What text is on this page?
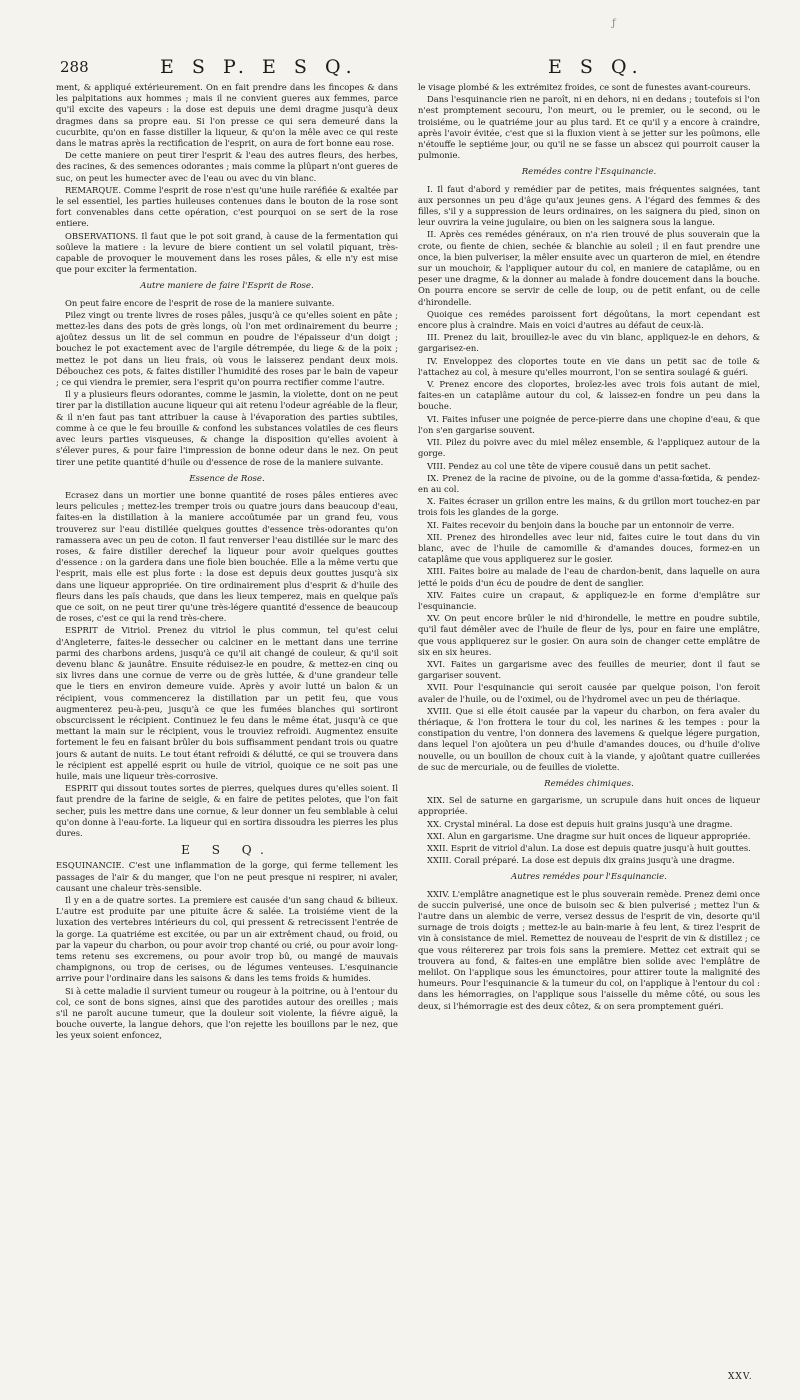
ƒ
288	E S P. E S Q.	E S Q.

ment, & appliqué extérieurement. On en fait prendre dans les fincopes & dans les palpitations aux hommes ; mais il ne convient gueres aux femmes, parce qu'il excite des vapeurs : la dose est depuis une demi dragme jusqu'à deux dragmes dans sa propre eau. Si l'on presse ce qui sera demeuré dans la cucurbite, qu'on en fasse distiller la liqueur, & qu'on la mêle avec ce qui reste dans le matras après la rectification de l'esprit, on aura de fort bonne eau rose.

De cette maniere on peut tirer l'esprit & l'eau des autres fleurs, des herbes, des racines, & des semences odorantes ; mais comme la plûpart n'ont gueres de suc, on peut les humecter avec de l'eau ou avec du vin blanc.

REMARQUE. Comme l'esprit de rose n'est qu'une huile raréfiée & exaltée par le sel essentiel, les parties huileuses contenues dans le bouton de la rose sont fort convenables dans cette opération, c'est pourquoi on se sert de la rose entiere.

OBSERVATIONS. Il faut que le pot soit grand, à cause de la fermentation qui soûleve la matiere : la levure de biere contient un sel volatil piquant, très-capable de provoquer le mouvement dans les roses pâles, & elle n'y est mise que pour exciter la fermentation.

Autre maniere de faire l'Esprit de Rose.

On peut faire encore de l'esprit de rose de la maniere suivante.

Pilez vingt ou trente livres de roses pâles, jusqu'à ce qu'elles soient en pâte ; mettez-les dans des pots de grès longs, où l'on met ordinairement du beurre ; ajoûtez dessus un lit de sel commun en poudre de l'épaisseur d'un doigt ; bouchez le pot exactement avec de l'argile détrempée, du liege & de la poix ; mettez le pot dans un lieu frais, où vous le laisserez pendant deux mois. Débouchez ces pots, & faites distiller l'humidité des roses par le bain de vapeur ; ce qui viendra le premier, sera l'esprit qu'on pourra rectifier comme l'autre.

Il y a plusieurs fleurs odorantes, comme le jasmin, la violette, dont on ne peut tirer par la distillation aucune liqueur qui ait retenu l'odeur agréable de la fleur, & il n'en faut pas tant attribuer la cause à l'évaporation des parties subtiles, comme à ce que le feu brouille & confond les substances volatiles de ces fleurs avec leurs parties visqueuses, & change la disposition qu'elles avoient à s'élever pures, & pour faire l'impression de bonne odeur dans le nez. On peut tirer une petite quantité d'huile ou d'essence de rose de la maniere suivante.

Essence de Rose.

Ecrasez dans un mortier une bonne quantité de roses pâles entieres avec leurs pelicules ; mettez-les tremper trois ou quatre jours dans beaucoup d'eau, faites-en la distillation à la maniere accoûtumée par un grand feu, vous trouverez sur l'eau distillée quelques gouttes d'essence très-odorantes qu'on ramassera avec un peu de coton. Il faut renverser l'eau distillée sur le marc des roses, & faire distiller derechef la liqueur pour avoir quelques gouttes d'essence : on la gardera dans une fiole bien bouchée. Elle a la même vertu que l'esprit, mais elle est plus forte : la dose est depuis deux gouttes jusqu'à six dans une liqueur appropriée. On tire ordinairement plus d'esprit & d'huile des fleurs dans les païs chauds, que dans les lieux temperez, mais en quelque païs que ce soit, on ne peut tirer qu'une très-légere quantité d'essence de beaucoup de roses, c'est ce qui la rend très-chere.

ESPRIT de Vitriol. Prenez du vitriol le plus commun, tel qu'est celui d'Angleterre, faites-le dessecher ou calciner en le mettant dans une terrine parmi des charbons ardens, jusqu'à ce qu'il ait changé de couleur, & qu'il soit devenu blanc & jaunâtre. Ensuite réduisez-le en poudre, & mettez-en cinq ou six livres dans une cornue de verre ou de grès luttée, & d'une grandeur telle que le tiers en environ demeure vuide. Après y avoir lutté un balon & un récipient, vous commencerez la distillation par un petit feu, que vous augmenterez peu-à-peu, jusqu'à ce que les fumées blanches qui sortiront obscurcissent le récipient. Continuez le feu dans le même état, jusqu'à ce que mettant la main sur le récipient, vous le trouviez refroidi. Augmentez ensuite fortement le feu en faisant brûler du bois suffisamment pendant trois ou quatre jours & autant de nuits. Le tout étant refroidi & délutté, ce qui se trouvera dans le récipient est appellé esprit ou huile de vitriol, quoique ce ne soit pas une huile, mais une liqueur très-corrosive.

ESPRIT qui dissout toutes sortes de pierres, quelques dures qu'elles soient. Il faut prendre de la farine de seigle, & en faire de petites pelotes, que l'on fait secher, puis les mettre dans une cornue, & leur donner un feu semblable à celui qu'on donne à l'eau-forte. La liqueur qui en sortira dissoudra les pierres les plus dures.

E S Q.

ESQUINANCIE. C'est une inflammation de la gorge, qui ferme tellement les passages de l'air & du manger, que l'on ne peut presque ni respirer, ni avaler, causant une chaleur très-sensible.

Il y en a de quatre sortes. La premiere est causée d'un sang chaud & bilieux. L'autre est produite par une pituite âcre & salée. La troisiéme vient de la luxation des vertebres intérieurs du col, qui pressent & retrecissent l'entrée de la gorge. La quatriéme est excitée, ou par un air extrêment chaud, ou froid, ou par la vapeur du charbon, ou pour avoir trop chanté ou crié, ou pour avoir long-tems retenu ses excremens, ou pour avoir trop bû, ou mangé de mauvais champignons, ou trop de cerises, ou de légumes venteuses. L'esquinancie arrive pour l'ordinaire dans les saisons & dans les tems froids & humides.

Si à cette maladie il survient tumeur ou rougeur à la poitrine, ou à l'entour du col, ce sont de bons signes, ainsi que des parotides autour des oreilles ; mais s'il ne paroît aucune tumeur, que la douleur soit violente, la fiévre aiguë, la bouche ouverte, la langue dehors, que l'on rejette les bouillons par le nez, que les yeux soient enfoncez,

le visage plombé & les extrémitez froides, ce sont de funestes avant-coureurs.

Dans l'esquinancie rien ne paroît, ni en dehors, ni en dedans ; toutefois si l'on n'est promptement secouru, l'on meurt, ou le premier, ou le second, ou le troisiéme, ou le quatriéme jour au plus tard. Et ce qu'il y a encore à craindre, après l'avoir évitée, c'est que si la fluxion vient à se jetter sur les poûmons, elle n'étouffe le septiéme jour, ou qu'il ne se fasse un abscez qui pourroit causer la pulmonie.

Remédes contre l'Esquinancie.

I. Il faut d'abord y remédier par de petites, mais fréquentes saignées, tant aux personnes un peu d'âge qu'aux jeunes gens. A l'égard des femmes & des filles, s'il y a suppression de leurs ordinaires, on les saignera du pied, sinon on leur ouvrira la veine jugulaire, ou bien on les saignera sous la langue.

II. Après ces remédes généraux, on n'a rien trouvé de plus souverain que la crote, ou fiente de chien, sechée & blanchie au soleil ; il en faut prendre une once, la bien pulveriser, la mêler ensuite avec un quarteron de miel, en étendre sur un mouchoir, & l'appliquer autour du col, en maniere de cataplâme, ou en peser une dragme, & la donner au malade à fondre doucement dans la bouche. On pourra encore se servir de celle de loup, ou de petit enfant, ou de celle d'hirondelle.

Quoique ces remédes paroissent fort dégoûtans, la mort cependant est encore plus à craindre. Mais en voici d'autres au défaut de ceux-là.

III. Prenez du lait, brouillez-le avec du vin blanc, appliquez-le en dehors, & gargarisez-en.

IV. Enveloppez des cloportes toute en vie dans un petit sac de toile & l'attachez au col, à mesure qu'elles mourront, l'on se sentira soulagé & guéri.

V. Prenez encore des cloportes, broïez-les avec trois fois autant de miel, faites-en un cataplâme autour du col, & laissez-en fondre un peu dans la bouche.

VI. Faites infuser une poignée de perce-pierre dans une chopine d'eau, & que l'on s'en gargarise souvent.

VII. Pilez du poivre avec du miel mêlez ensemble, & l'appliquez autour de la gorge.

VIII. Pendez au col une tête de vipere cousuë dans un petit sachet.

IX. Prenez de la racine de pivoine, ou de la gomme d'assa-fœtida, & pendez-en au col.

X. Faites écraser un grillon entre les mains, & du grillon mort touchez-en par trois fois les glandes de la gorge.

XI. Faites recevoir du benjoin dans la bouche par un entonnoir de verre.

XII. Prenez des hirondelles avec leur nid, faites cuire le tout dans du vin blanc, avec de l'huile de camomille & d'amandes douces, formez-en un cataplâme que vous appliquerez sur le gosier.

XIII. Faites boire au malade de l'eau de chardon-benit, dans laquelle on aura jetté le poids d'un écu de poudre de dent de sanglier.

XIV. Faites cuire un crapaut, & appliquez-le en forme d'emplâtre sur l'esquinancie.

XV. On peut encore brûler le nid d'hirondelle, le mettre en poudre subtile, qu'il faut démêler avec de l'huile de fleur de lys, pour en faire une emplâtre, que vous appliquerez sur le gosier. On aura soin de changer cette emplâtre de six en six heures.

XVI. Faites un gargarisme avec des feuilles de meurier, dont il faut se gargariser souvent.

XVII. Pour l'esquinancie qui seroit causée par quelque poison, l'on feroit avaler de l'huile, ou de l'oximel, ou de l'hydromel avec un peu de thériaque.

XVIII. Que si elle étoit causée par la vapeur du charbon, on fera avaler du thériaque, & l'on frottera le tour du col, les narines & les tempes : pour la constipation du ventre, l'on donnera des lavemens & quelque légere purgation, dans lequel l'on ajoûtera un peu d'huile d'amandes douces, ou d'huile d'olive nouvelle, ou un bouillon de choux cuit à la viande, y ajoûtant quatre cuillerées de suc de mercuriale, ou de feuilles de violette.

Remédes chimiques.

XIX. Sel de saturne en gargarisme, un scrupule dans huit onces de liqueur appropriée.

XX. Crystal minéral. La dose est depuis huit grains jusqu'à une dragme.

XXI. Alun en gargarisme. Une dragme sur huit onces de liqueur appropriée.

XXII. Esprit de vitriol d'alun. La dose est depuis quatre jusqu'à huit gouttes.

XXIII. Corail préparé. La dose est depuis dix grains jusqu'à une dragme.

Autres remédes pour l'Esquinancie.

XXIV. L'emplâtre anagnetique est le plus souverain remède. Prenez demi once de succin pulverisé, une once de buisoin sec & bien pulverisé ; mettez l'un & l'autre dans un alembic de verre, versez dessus de l'esprit de vin, desorte qu'il surnage de trois doigts ; mettez-le au bain-marie à feu lent, & tirez l'esprit de vin à consistance de miel. Remettez de nouveau de l'esprit de vin & distillez ; ce que vous réitererez par trois fois sans la premiere. Mettez cet extrait qui se trouvera au fond, & faites-en une emplâtre bien solide avec l'emplâtre de melilot. On l'applique sous les émunctoires, pour attirer toute la malignité des humeurs. Pour l'esquinancie & la tumeur du col, on l'applique à l'entour du col : dans les hémorragies, on l'applique sous l'aisselle du même côté, ou sous les deux, si l'hémorragie est des deux côtez, & on sera promptement guéri.

XXV.
